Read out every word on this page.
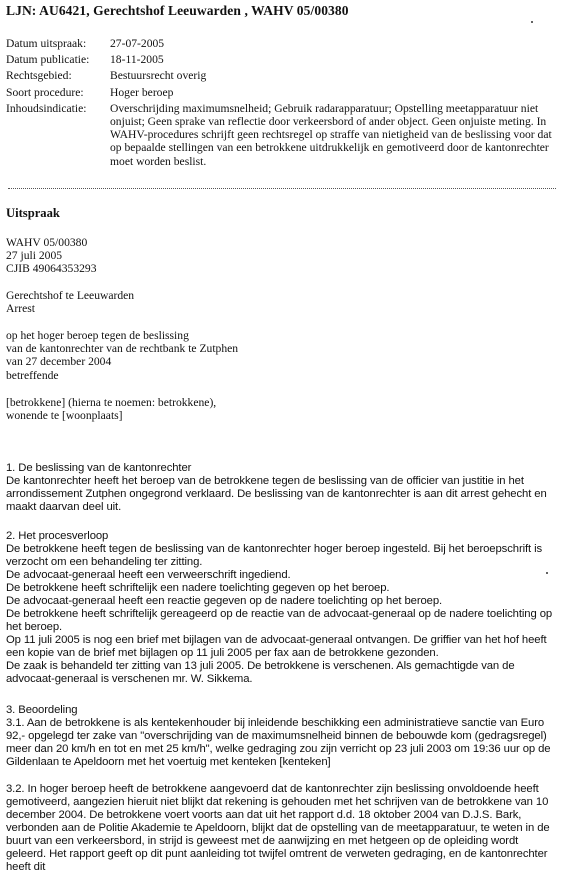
LJN: AU6421, Gerechtshof Leeuwarden , WAHV 05/00380
Datum uitspraak:	27-07-2005
Datum publicatie:	18-11-2005
Rechtsgebied:	Bestuursrecht overig
Soort procedure:	Hoger beroep
Inhoudsindicatie:	Overschrijding maximumsnelheid; Gebruik radarapparatuur; Opstelling meetapparatuur niet onjuist; Geen sprake van reflectie door verkeersbord of ander object. Geen onjuiste meting. In WAHV-procedures schrijft geen rechtsregel op straffe van nietigheid van de beslissing voor dat op bepaalde stellingen van een betrokkene uitdrukkelijk en gemotiveerd door de kantonrechter moet worden beslist.
Uitspraak

WAHV 05/00380

27 juli 2005

CJIB 49064353293

Gerechtshof te Leeuwarden

Arrest

op het hoger beroep tegen de beslissing

van de kantonrechter van de rechtbank te Zutphen

van 27 december 2004

betreffende

[betrokkene] (hierna te noemen: betrokkene),

wonende te [woonplaats]

1. De beslissing van de kantonrechter

De kantonrechter heeft het beroep van de betrokkene tegen de beslissing van de officier van justitie in het arrondissement Zutphen ongegrond verklaard. De beslissing van de kantonrechter is aan dit arrest gehecht en maakt daarvan deel uit.

2. Het procesverloop

De betrokkene heeft tegen de beslissing van de kantonrechter hoger beroep ingesteld. Bij het beroepschrift is verzocht om een behandeling ter zitting.

De advocaat-generaal heeft een verweerschrift ingediend.

De betrokkene heeft schriftelijk een nadere toelichting gegeven op het beroep.

De advocaat-generaal heeft een reactie gegeven op de nadere toelichting op het beroep.

De betrokkene heeft schriftelijk gereageerd op de reactie van de advocaat-generaal op de nadere toelichting op het beroep.

Op 11 juli 2005 is nog een brief met bijlagen van de advocaat-generaal ontvangen. De griffier van het hof heeft een kopie van de brief met bijlagen op 11 juli 2005 per fax aan de betrokkene gezonden.

De zaak is behandeld ter zitting van 13 juli 2005. De betrokkene is verschenen. Als gemachtigde van de advocaat-generaal is verschenen mr. W. Sikkema.

3. Beoordeling

3.1. Aan de betrokkene is als kentekenhouder bij inleidende beschikking een administratieve sanctie van Euro 92,- opgelegd ter zake van "overschrijding van de maximumsnelheid binnen de bebouwde kom (gedragsregel) meer dan 20 km/h en tot en met 25 km/h", welke gedraging zou zijn verricht op 23 juli 2003 om 19:36 uur op de Gildenlaan te Apeldoorn met het voertuig met kenteken [kenteken]

3.2. In hoger beroep heeft de betrokkene aangevoerd dat de kantonrechter zijn beslissing onvoldoende heeft gemotiveerd, aangezien hieruit niet blijkt dat rekening is gehouden met het schrijven van de betrokkene van 10 december 2004. De betrokkene voert voorts aan dat uit het rapport d.d. 18 oktober 2004 van D.J.S. Bark, verbonden aan de Politie Akademie te Apeldoorn, blijkt dat de opstelling van de meetapparatuur, te weten in de buurt van een verkeersbord, in strijd is geweest met de aanwijzing en met hetgeen op de opleiding wordt geleerd. Het rapport geeft op dit punt aanleiding tot twijfel omtrent de verweten gedraging, en de kantonrechter heeft dit
